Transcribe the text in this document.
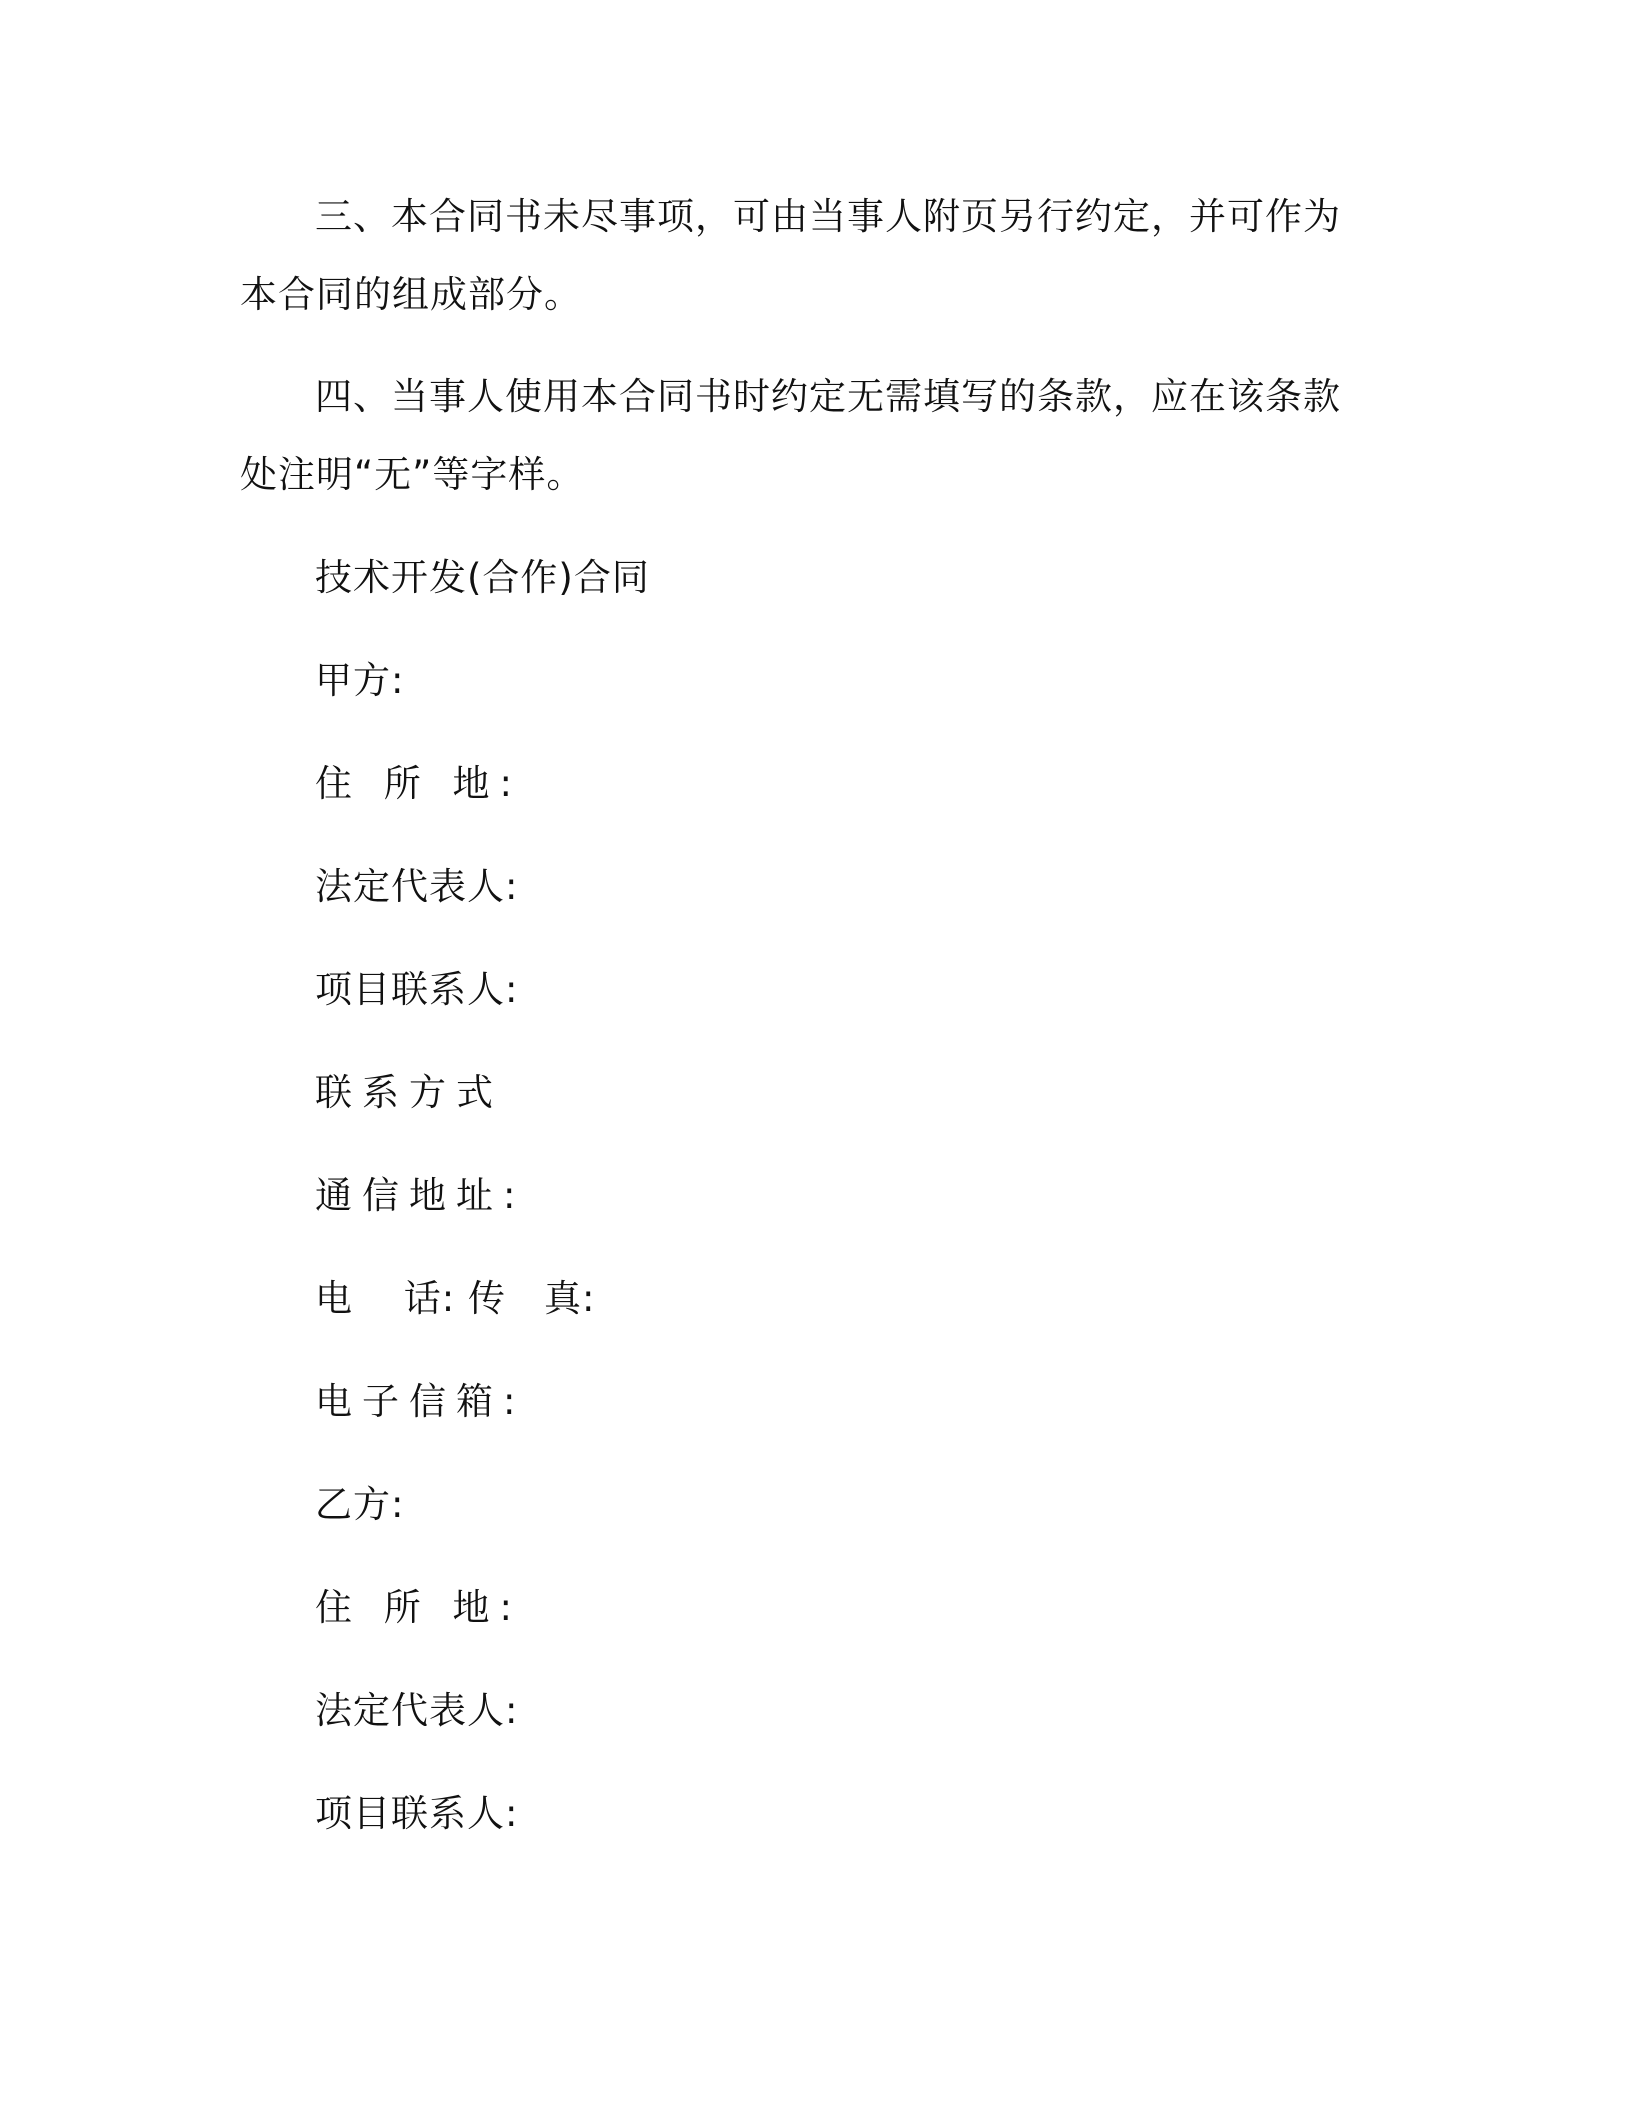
三、本合同书未尽事项，可由当事人附页另行约定，并可作为本合同的组成部分。

四、当事人使用本合同书时约定无需填写的条款，应在该条款处注明“无”等字样。

技术开发(合作)合同

甲方:

住 所 地:

法定代表人:

项目联系人:

联系方式

通信地址:

电　 话: 传　真:

电子信箱:

乙方:

住 所 地:

法定代表人:

项目联系人:
